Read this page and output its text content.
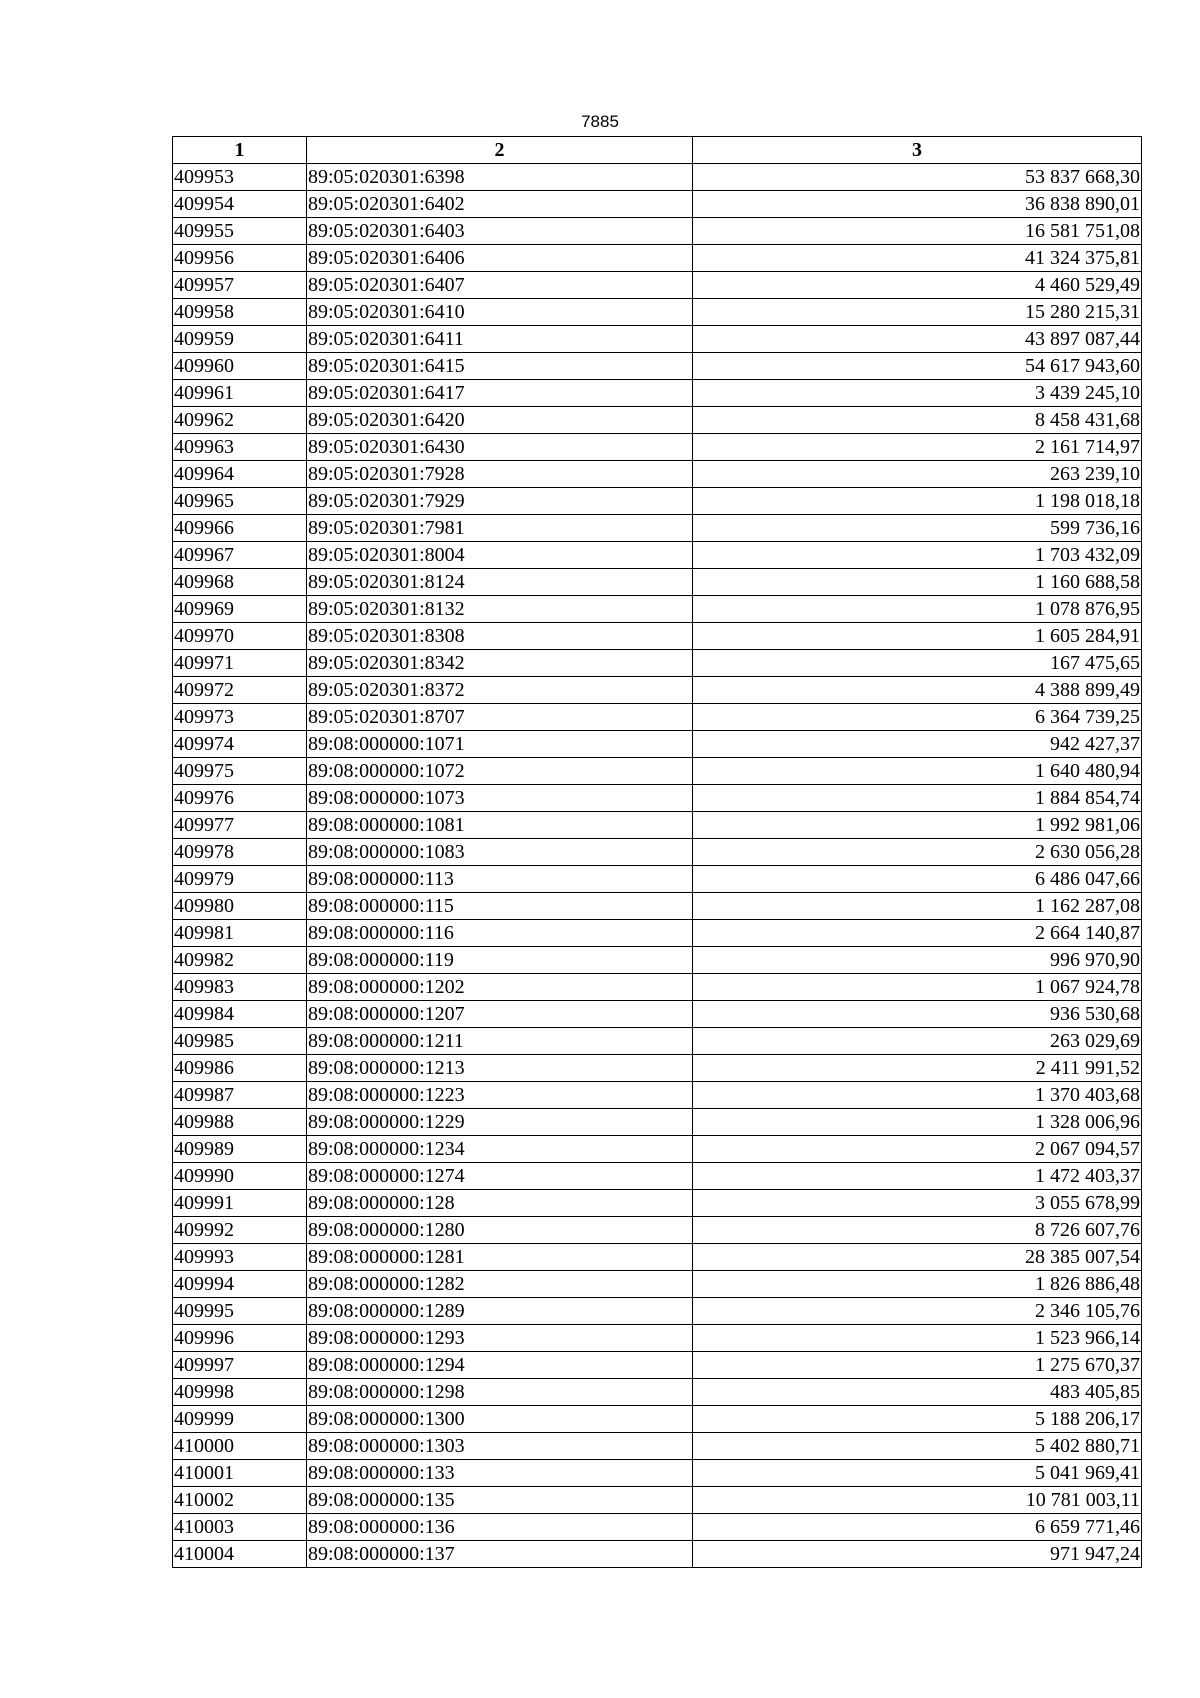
7885
1	2	3
409953	89:05:020301:6398	53 837 668,30
409954	89:05:020301:6402	36 838 890,01
409955	89:05:020301:6403	16 581 751,08
409956	89:05:020301:6406	41 324 375,81
409957	89:05:020301:6407	4 460 529,49
409958	89:05:020301:6410	15 280 215,31
409959	89:05:020301:6411	43 897 087,44
409960	89:05:020301:6415	54 617 943,60
409961	89:05:020301:6417	3 439 245,10
409962	89:05:020301:6420	8 458 431,68
409963	89:05:020301:6430	2 161 714,97
409964	89:05:020301:7928	263 239,10
409965	89:05:020301:7929	1 198 018,18
409966	89:05:020301:7981	599 736,16
409967	89:05:020301:8004	1 703 432,09
409968	89:05:020301:8124	1 160 688,58
409969	89:05:020301:8132	1 078 876,95
409970	89:05:020301:8308	1 605 284,91
409971	89:05:020301:8342	167 475,65
409972	89:05:020301:8372	4 388 899,49
409973	89:05:020301:8707	6 364 739,25
409974	89:08:000000:1071	942 427,37
409975	89:08:000000:1072	1 640 480,94
409976	89:08:000000:1073	1 884 854,74
409977	89:08:000000:1081	1 992 981,06
409978	89:08:000000:1083	2 630 056,28
409979	89:08:000000:113	6 486 047,66
409980	89:08:000000:115	1 162 287,08
409981	89:08:000000:116	2 664 140,87
409982	89:08:000000:119	996 970,90
409983	89:08:000000:1202	1 067 924,78
409984	89:08:000000:1207	936 530,68
409985	89:08:000000:1211	263 029,69
409986	89:08:000000:1213	2 411 991,52
409987	89:08:000000:1223	1 370 403,68
409988	89:08:000000:1229	1 328 006,96
409989	89:08:000000:1234	2 067 094,57
409990	89:08:000000:1274	1 472 403,37
409991	89:08:000000:128	3 055 678,99
409992	89:08:000000:1280	8 726 607,76
409993	89:08:000000:1281	28 385 007,54
409994	89:08:000000:1282	1 826 886,48
409995	89:08:000000:1289	2 346 105,76
409996	89:08:000000:1293	1 523 966,14
409997	89:08:000000:1294	1 275 670,37
409998	89:08:000000:1298	483 405,85
409999	89:08:000000:1300	5 188 206,17
410000	89:08:000000:1303	5 402 880,71
410001	89:08:000000:133	5 041 969,41
410002	89:08:000000:135	10 781 003,11
410003	89:08:000000:136	6 659 771,46
410004	89:08:000000:137	971 947,24
